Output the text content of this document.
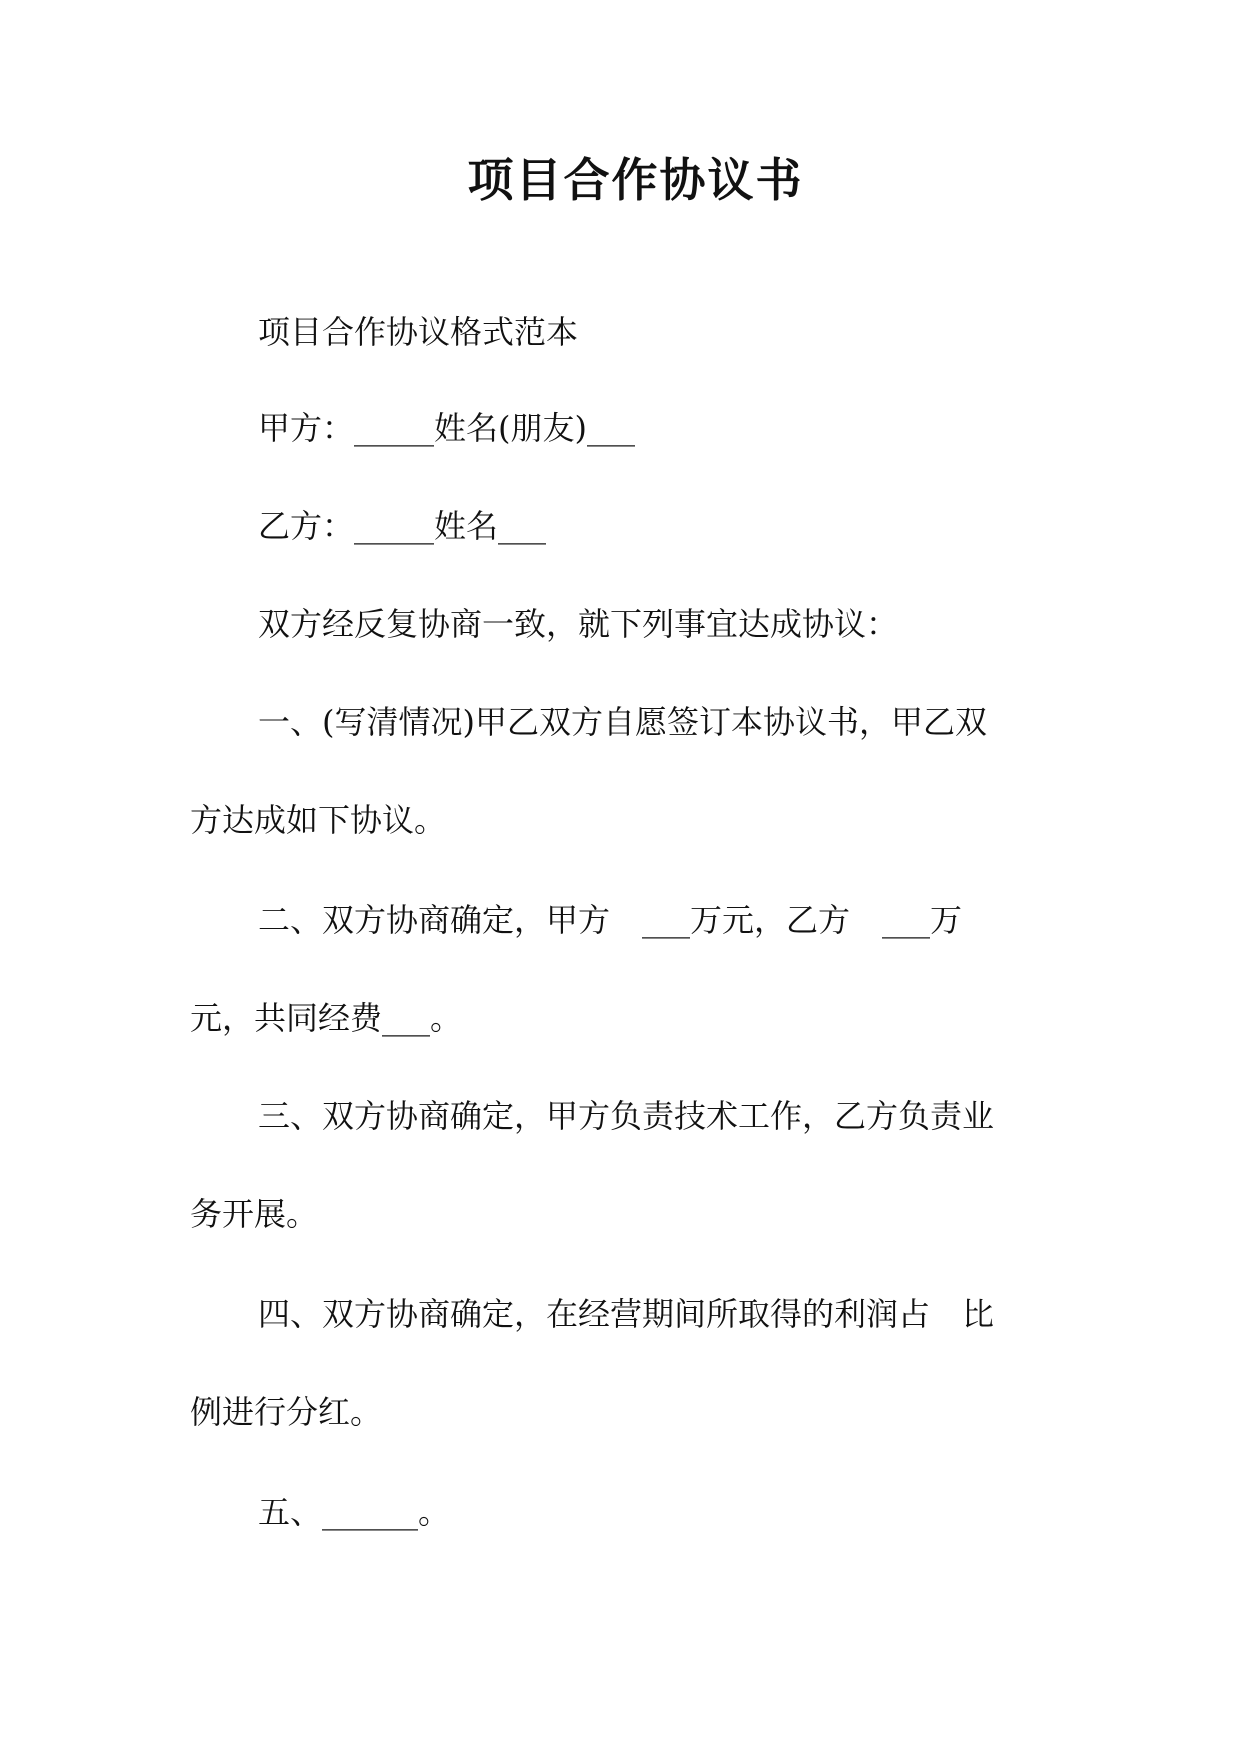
项目合作协议书
项目合作协议格式范本
甲方：_____姓名(朋友)___
乙方：_____姓名___
双方经反复协商一致，就下列事宜达成协议：
一、(写清情况)甲乙双方自愿签订本协议书，甲乙双
方达成如下协议。
二、双方协商确定，甲方　___万元，乙方　___万
元，共同经费___。
三、双方协商确定，甲方负责技术工作，乙方负责业
务开展。
四、双方协商确定，在经营期间所取得的利润占　比
例进行分红。
五、______。
